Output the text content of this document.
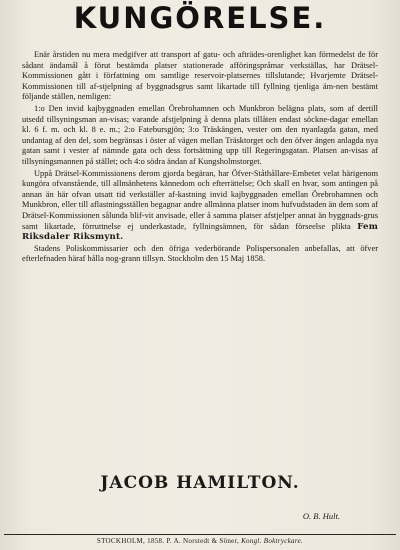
KUNGÖRELSE.

Enär årstiden nu mera medgifver att transport af gatu- och afträdes-orenlighet kan förmedelst de för sådant ändamål å förut bestämda platser stationerade afföringspråmar verkställas, har Drätsel-Kommissionen gått i författning om samtlige reservoir-platsernes tillslutande; Hvarjemte Drätsel-Kommissionen till af-stjelpning af byggnadsgrus samt likartade till fyllning tjenliga äm-nen bestämt följande ställen, nemligen:

1:o Den invid kajbyggnaden emellan Örebrohamnen och Munkbron belägna plats, som af dertill utsedd tillsyningsman an-visas; varande afstjelpning å denna plats tillåten endast söckne-dagar emellan kl. 6 f. m. och kl. 8 e. m.; 2:o Fatebursgjön; 3:o Träskängen, vester om den nyanlagda gatan, med undantag af den del, som begränsas i öster af vägen mellan Träsktorget och den öfver ängen anlagda nya gatan samt i vester af nämnde gata och dess fortsättning upp till Regeringsgatan. Platsen an-visas af tillsyningsmannen på stället; och 4:o södra ändan af Kungsholmstorget.

Uppå Drätsel-Kommissionens derom gjorda begäran, har Öfver-Ståthållare-Embetet velat härigenom kungöra ofvanstående, till allmänhetens kännedom och efterrättelse; Och skall en hvar, som antingen på annan än här ofvan utsatt tid verkställer af-kastning invid kajbyggnaden emellan Örebrohamnen och Munkbron, eller till aflastningsställen begagnar andre allmänna platser inom hufvudstaden än dem som af Drätsel-Kommissionen sålunda blif-vit anvisade, eller å samma platser afstjelper annat än byggnads-grus samt likartade, förruttnelse ej underkastade, fyllningsämnen, för sådan förseelse plikta Fem Riksdaler Riksmynt.

Stadens Poliskommissarier och den öfriga vederbörande Polispersonalen anbefallas, att öfver efterlefnaden häraf hålla nog-grann tillsyn. Stockholm den 15 Maj 1858.

JACOB HAMILTON.
O. B. Hult.
STOCKHOLM, 1858. P. A. Norstedt & Söner, Kongl. Boktryckare.
